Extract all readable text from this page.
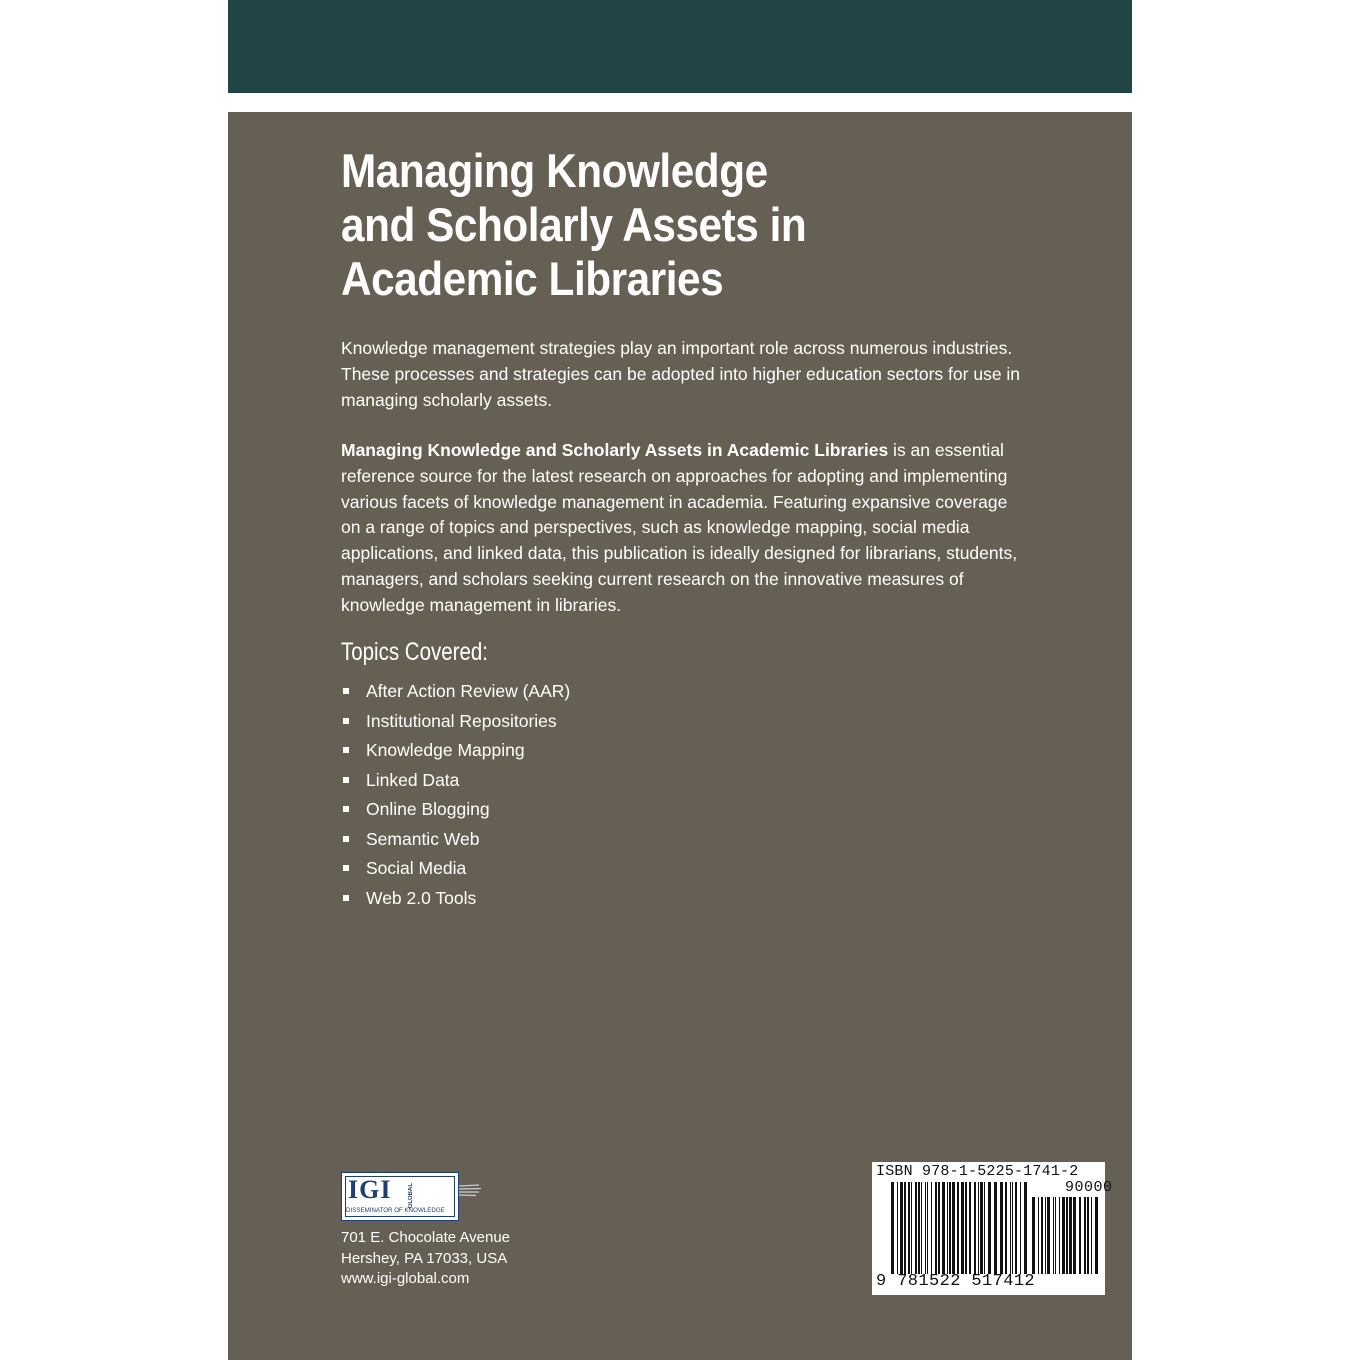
Managing Knowledge
and Scholarly Assets in
Academic Libraries

Knowledge management strategies play an important role across numerous industries. These processes and strategies can be adopted into higher education sectors for use in managing scholarly assets.

Managing Knowledge and Scholarly Assets in Academic Libraries is an essential reference source for the latest research on approaches for adopting and implementing various facets of knowledge management in academia. Featuring expansive coverage on a range of topics and perspectives, such as knowledge mapping, social media applications, and linked data, this publication is ideally designed for librarians, students, managers, and scholars seeking current research on the innovative measures of knowledge management in libraries.

Topics Covered:
After Action Review (AAR)
Institutional Repositories
Knowledge Mapping
Linked Data
Online Blogging
Semantic Web
Social Media
Web 2.0 Tools
IGI	GLOBAL
DISSEMINATOR OF KNOWLEDGE
701 E. Chocolate Avenue
Hershey, PA 17033, USA
www.igi-global.com
ISBN 978-1-5225-1741-2
90000
9 781522 517412
